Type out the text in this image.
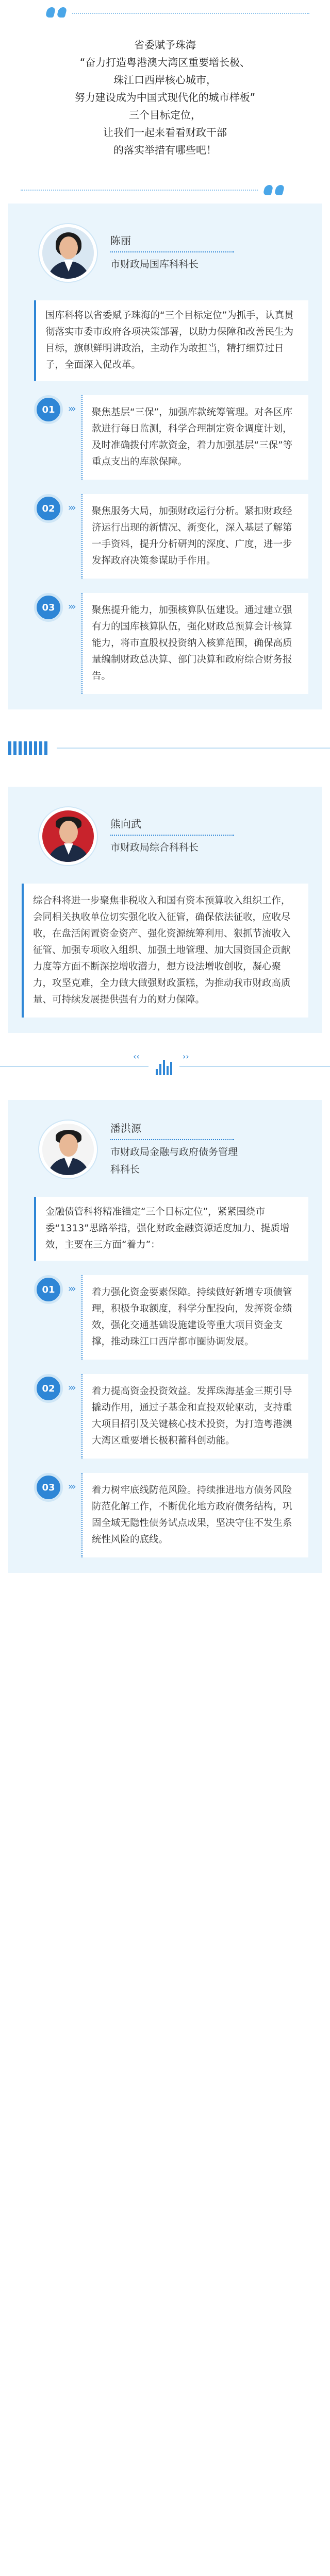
省委赋予珠海

“奋力打造粤港澳大湾区重要增长极、

珠江口西岸核心城市，

努力建设成为中国式现代化的城市样板”

三个目标定位，

让我们一起来看看财政干部

的落实举措有哪些吧！

陈丽
市财政局国库科科长
国库科将以省委赋予珠海的“三个目标定位”为抓手，认真贯彻落实市委市政府各项决策部署，以助力保障和改善民生为目标，旗帜鲜明讲政治，主动作为敢担当，精打细算过日子，全面深入促改革。
01	›››	聚焦基层“三保”，加强库款统筹管理。对各区库款进行每日监测，科学合理制定资金调度计划，及时准确拨付库款资金，着力加强基层“三保”等重点支出的库款保障。
02	›››	聚焦服务大局，加强财政运行分析。紧扣财政经济运行出现的新情况、新变化，深入基层了解第一手资料，提升分析研判的深度、广度，进一步发挥政府决策参谋助手作用。
03	›››	聚焦提升能力，加强核算队伍建设。通过建立强有力的国库核算队伍，强化财政总预算会计核算能力，将市直股权投资纳入核算范围，确保高质量编制财政总决算、部门决算和政府综合财务报告。
熊向武
市财政局综合科科长
综合科将进一步聚焦非税收入和国有资本预算收入组织工作，会同相关执收单位切实强化收入征管，确保依法征收，应收尽收，在盘活闲置资金资产、强化资源统筹利用、狠抓节流收入征管、加强专项收入组织、加强土地管理、加大国资国企贡献力度等方面不断深挖增收潜力，想方设法增收创收，凝心聚力，攻坚克难，全力做大做强财政蛋糕，为推动我市财政高质量、可持续发展提供强有力的财力保障。
‹‹	››
潘洪源
市财政局金融与政府债务管理
科科长
金融债管科将精准锚定“三个目标定位”，紧紧围绕市委“1313”思路举措，强化财政金融资源适度加力、提质增效，主要在三方面“着力”：
01	›››	着力强化资金要素保障。持续做好新增专项债管理，积极争取额度，科学分配投向，发挥资金绩效，强化交通基础设施建设等重大项目资金支撑，推动珠江口西岸都市圈协调发展。
02	›››	着力提高资金投资效益。发挥珠海基金三期引导撬动作用，通过子基金和直投双轮驱动，支持重大项目招引及关键核心技术投资，为打造粤港澳大湾区重要增长极积蓄科创动能。
03	›››	着力树牢底线防范风险。持续推进地方债务风险防范化解工作，不断优化地方政府债务结构，巩固全域无隐性债务试点成果，坚决守住不发生系统性风险的底线。
